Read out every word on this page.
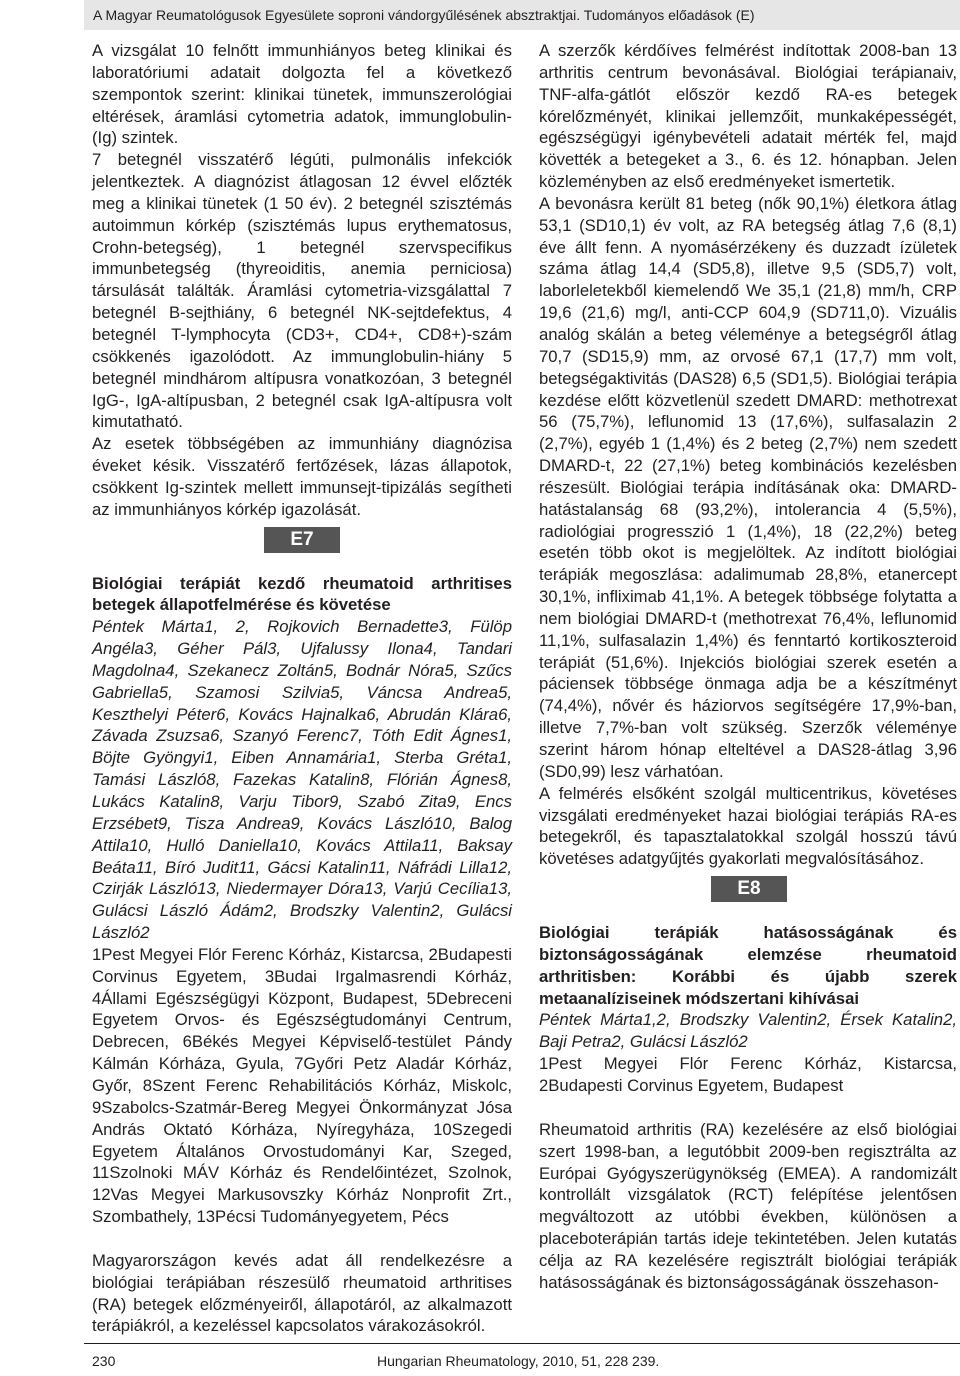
A Magyar Reumatológusok Egyesülete soproni vándorgyűlésének absztraktjai. Tudományos előadások (E)

A vizsgálat 10 felnőtt immunhiányos beteg klinikai és laboratóriumi adatait dolgozta fel a következő szempontok szerint: klinikai tünetek, immunszerológiai eltérések, áramlási cytometria adatok, immunglobulin-(Ig) szintek.

7 betegnél visszatérő légúti, pulmonális infekciók jelentkeztek. A diagnózist átlagosan 12 évvel előzték meg a klinikai tünetek (1 50 év). 2 betegnél szisztémás autoimmun kórkép (szisztémás lupus erythematosus, Crohn-betegség), 1 betegnél szervspecifikus immunbetegség (thyreoiditis, anemia perniciosa) társulását találták. Áramlási cytometria-vizsgálattal 7 betegnél B-sejthiány, 6 betegnél NK-sejtdefektus, 4 betegnél T-lymphocyta (CD3+, CD4+, CD8+)-szám csökkenés igazolódott. Az immunglobulin-hiány 5 betegnél mindhárom altípusra vonatkozóan, 3 betegnél IgG-, IgA-altípusban, 2 betegnél csak IgA-altípusra volt kimutatható.

Az esetek többségében az immunhiány diagnózisa éveket késik. Visszatérő fertőzések, lázas állapotok, csökkent Ig-szintek mellett immunsejt-tipizálás segítheti az immunhiányos kórkép igazolását.

E7

Biológiai terápiát kezdő rheumatoid arthritises betegek állapotfelmérése és követése

Péntek Márta1, 2, Rojkovich Bernadette3, Fülöp Angéla3, Géher Pál3, Ujfalussy Ilona4, Tandari Magdolna4, Szekanecz Zoltán5, Bodnár Nóra5, Szűcs Gabriella5, Szamosi Szilvia5, Váncsa Andrea5, Keszthelyi Péter6, Kovács Hajnalka6, Abrudán Klára6, Závada Zsuzsa6, Szanyó Ferenc7, Tóth Edit Ágnes1, Böjte Gyöngyi1, Eiben Annamária1, Sterba Gréta1, Tamási László8, Fazekas Katalin8, Flórián Ágnes8, Lukács Katalin8, Varju Tibor9, Szabó Zita9, Encs Erzsébet9, Tisza Andrea9, Kovács László10, Balog Attila10, Hulló Daniella10, Kovács Attila11, Baksay Beáta11, Bíró Judit11, Gácsi Katalin11, Náfrádi Lilla12, Czirják László13, Niedermayer Dóra13, Varjú Cecília13, Gulácsi László Ádám2, Brodszky Valentin2, Gulácsi László2

1Pest Megyei Flór Ferenc Kórház, Kistarcsa, 2Budapesti Corvinus Egyetem, 3Budai Irgalmasrendi Kórház, 4Állami Egészségügyi Központ, Budapest, 5Debreceni Egyetem Orvos- és Egészségtudományi Centrum, Debrecen, 6Békés Megyei Képviselő-testület Pándy Kálmán Kórháza, Gyula, 7Győri Petz Aladár Kórház, Győr, 8Szent Ferenc Rehabilitációs Kórház, Miskolc, 9Szabolcs-Szatmár-Bereg Megyei Önkormányzat Jósa András Oktató Kórháza, Nyíregyháza, 10Szegedi Egyetem Általános Orvostudományi Kar, Szeged, 11Szolnoki MÁV Kórház és Rendelőintézet, Szolnok, 12Vas Megyei Markusovszky Kórház Nonprofit Zrt., Szombathely, 13Pécsi Tudományegyetem, Pécs

Magyarországon kevés adat áll rendelkezésre a biológiai terápiában részesülő rheumatoid arthritises (RA) betegek előzményeiről, állapotáról, az alkalmazott terápiákról, a kezeléssel kapcsolatos várakozásokról.

A szerzők kérdőíves felmérést indítottak 2008-ban 13 arthritis centrum bevonásával. Biológiai terápianaiv, TNF-alfa-gátlót először kezdő RA-es betegek kórelőzményét, klinikai jellemzőit, munkaképességét, egészségügyi igénybevételi adatait mérték fel, majd követték a betegeket a 3., 6. és 12. hónapban. Jelen közleményben az első eredményeket ismertetik.

A bevonásra került 81 beteg (nők 90,1%) életkora átlag 53,1 (SD10,1) év volt, az RA betegség átlag 7,6 (8,1) éve állt fenn. A nyomásérzékeny és duzzadt ízületek száma átlag 14,4 (SD5,8), illetve 9,5 (SD5,7) volt, laborleletekből kiemelendő We 35,1 (21,8) mm/h, CRP 19,6 (21,6) mg/l, anti-CCP 604,9 (SD711,0). Vizuális analóg skálán a beteg véleménye a betegségről átlag 70,7 (SD15,9) mm, az orvosé 67,1 (17,7) mm volt, betegségaktivitás (DAS28) 6,5 (SD1,5). Biológiai terápia kezdése előtt közvetlenül szedett DMARD: methotrexat 56 (75,7%), leflunomid 13 (17,6%), sulfasalazin 2 (2,7%), egyéb 1 (1,4%) és 2 beteg (2,7%) nem szedett DMARD-t, 22 (27,1%) beteg kombinációs kezelésben részesült. Biológiai terápia indításának oka: DMARD-hatástalanság 68 (93,2%), intolerancia 4 (5,5%), radiológiai progresszió 1 (1,4%), 18 (22,2%) beteg esetén több okot is megjelöltek. Az indított biológiai terápiák megoszlása: adalimumab 28,8%, etanercept 30,1%, infliximab 41,1%. A betegek többsége folytatta a nem biológiai DMARD-t (methotrexat 76,4%, leflunomid 11,1%, sulfasalazin 1,4%) és fenntartó kortikoszteroid terápiát (51,6%). Injekciós biológiai szerek esetén a páciensek többsége önmaga adja be a készítményt (74,4%), nővér és háziorvos segítségére 17,9%-ban, illetve 7,7%-ban volt szükség. Szerzők véleménye szerint három hónap elteltével a DAS28-átlag 3,96 (SD0,99) lesz várhatóan.

A felmérés elsőként szolgál multicentrikus, követéses vizsgálati eredményeket hazai biológiai terápiás RA-es betegekről, és tapasztalatokkal szolgál hosszú távú követéses adatgyűjtés gyakorlati megvalósításához.

E8

Biológiai terápiák hatásosságának és biztonságosságának elemzése rheumatoid arthritisben: Korábbi és újabb szerek metaanalíziseinek módszertani kihívásai

Péntek Márta1,2, Brodszky Valentin2, Érsek Katalin2, Baji Petra2, Gulácsi László2

1Pest Megyei Flór Ferenc Kórház, Kistarcsa, 2Budapesti Corvinus Egyetem, Budapest

Rheumatoid arthritis (RA) kezelésére az első biológiai szert 1998-ban, a legutóbbit 2009-ben regisztrálta az Európai Gyógyszerügynökség (EMEA). A randomizált kontrollált vizsgálatok (RCT) felépítése jelentősen megváltozott az utóbbi években, különösen a placeboterápián tartás ideje tekintetében. Jelen kutatás célja az RA kezelésére regisztrált biológiai terápiák hatásosságának és biztonságosságának összehason-

230	Hungarian Rheumatology, 2010, 51, 228 239.
